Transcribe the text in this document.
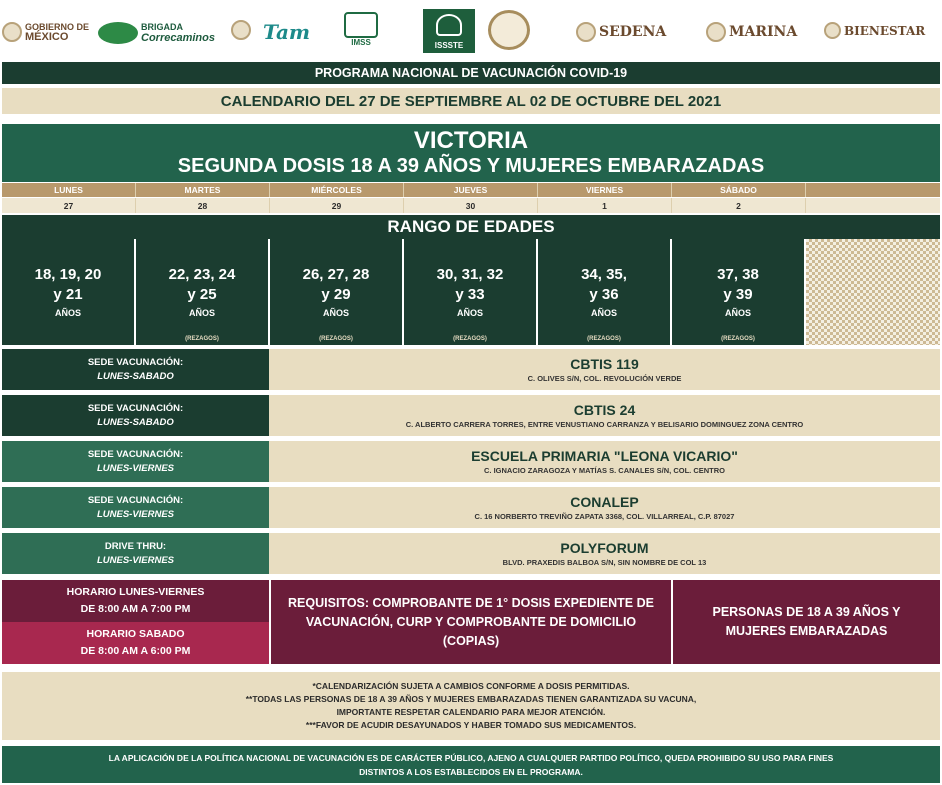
GOBIERNO DE
MÉXICO
BRIGADA
Correcaminos Tam	IMSS	ISSSTE
SEDENA	MARINA	BIENESTAR
PROGRAMA NACIONAL DE VACUNACIÓN COVID-19
CALENDARIO DEL 27 DE SEPTIEMBRE AL 02 DE OCTUBRE DEL 2021
VICTORIA
SEGUNDA DOSIS 18 A 39 AÑOS Y MUJERES EMBARAZADAS
LUNES	MARTES	MIÉRCOLES	JUEVES	VIERNES	SÁBADO
27	28	29	30	1	2
RANGO DE EDADES
18, 19, 20
y 21
AÑOS
22, 23, 24
y 25
AÑOS
(REZAGOS)
26, 27, 28
y 29
AÑOS
(REZAGOS)
30, 31, 32
y 33
AÑOS
(REZAGOS)
34, 35,
y 36
AÑOS
(REZAGOS)
37, 38
y 39
AÑOS
(REZAGOS)
SEDE VACUNACIÓN:
LUNES-SABADO
CBTIS 119
C. OLIVES S/N, COL. REVOLUCIÓN VERDE
SEDE VACUNACIÓN:
LUNES-SABADO
CBTIS 24
C. ALBERTO CARRERA TORRES, ENTRE VENUSTIANO CARRANZA Y BELISARIO DOMINGUEZ ZONA CENTRO
SEDE VACUNACIÓN:
LUNES-VIERNES
ESCUELA PRIMARIA "LEONA VICARIO"
C. IGNACIO ZARAGOZA Y MATÍAS S. CANALES S/N, COL. CENTRO
SEDE VACUNACIÓN:
LUNES-VIERNES
CONALEP
C. 16 NORBERTO TREVIÑO ZAPATA 3368, COL. VILLARREAL, C.P. 87027
DRIVE THRU:
LUNES-VIERNES
POLYFORUM
BLVD. PRAXEDIS BALBOA S/N, SIN NOMBRE DE COL 13
HORARIO LUNES-VIERNES
DE 8:00 AM A 7:00 PM
HORARIO SABADO
DE 8:00 AM A 6:00 PM
REQUISITOS: COMPROBANTE DE 1° DOSIS EXPEDIENTE DE VACUNACIÓN, CURP Y COMPROBANTE DE DOMICILIO (COPIAS)
PERSONAS DE 18 A 39 AÑOS Y MUJERES EMBARAZADAS
*CALENDARIZACIÓN SUJETA A CAMBIOS CONFORME A DOSIS PERMITIDAS.
**TODAS LAS PERSONAS DE 18 A 39 AÑOS Y MUJERES EMBARAZADAS TIENEN GARANTIZADA SU VACUNA,
IMPORTANTE RESPETAR CALENDARIO PARA MEJOR ATENCIÓN.
***FAVOR DE ACUDIR DESAYUNADOS Y HABER TOMADO SUS MEDICAMENTOS.
LA APLICACIÓN DE LA POLÍTICA NACIONAL DE VACUNACIÓN ES DE CARÁCTER PÚBLICO, AJENO A CUALQUIER PARTIDO POLÍTICO, QUEDA PROHIBIDO SU USO PARA FINES
DISTINTOS A LOS ESTABLECIDOS EN EL PROGRAMA.
